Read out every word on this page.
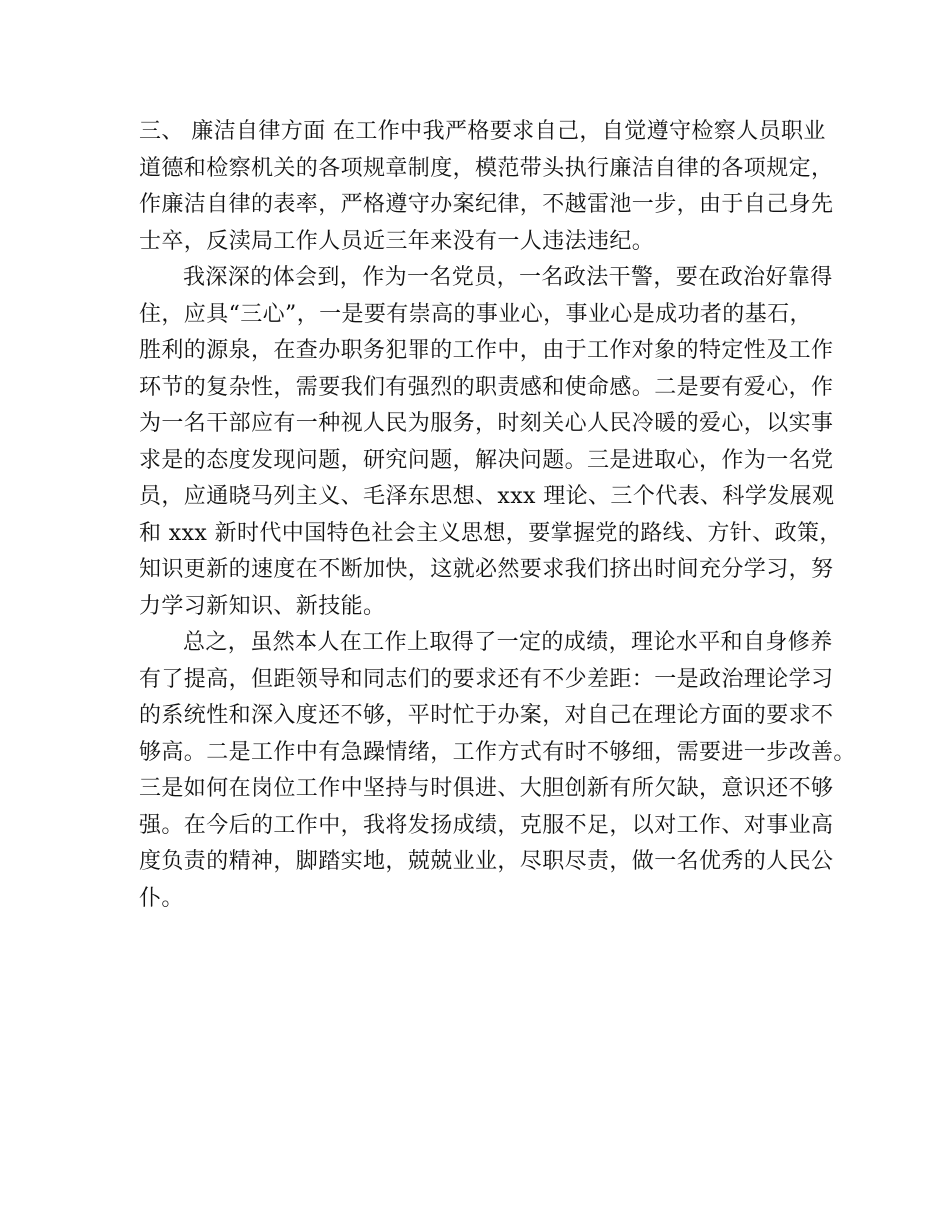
三、 廉洁自律方面 在工作中我严格要求自己，自觉遵守检察人员职业
道德和检察机关的各项规章制度，模范带头执行廉洁自律的各项规定，
作廉洁自律的表率，严格遵守办案纪律，不越雷池一步，由于自己身先
士卒，反渎局工作人员近三年来没有一人违法违纪。
我深深的体会到，作为一名党员，一名政法干警，要在政治好靠得
住，应具“三心”，一是要有崇高的事业心，事业心是成功者的基石，
胜利的源泉，在查办职务犯罪的工作中，由于工作对象的特定性及工作
环节的复杂性，需要我们有强烈的职责感和使命感。二是要有爱心，作
为一名干部应有一种视人民为服务，时刻关心人民冷暖的爱心，以实事
求是的态度发现问题，研究问题，解决问题。三是进取心，作为一名党
员，应通晓马列主义、毛泽东思想、xxx 理论、三个代表、科学发展观
和 xxx 新时代中国特色社会主义思想，要掌握党的路线、方针、政策，
知识更新的速度在不断加快，这就必然要求我们挤出时间充分学习，努
力学习新知识、新技能。
总之，虽然本人在工作上取得了一定的成绩，理论水平和自身修养
有了提高，但距领导和同志们的要求还有不少差距：一是政治理论学习
的系统性和深入度还不够，平时忙于办案，对自己在理论方面的要求不
够高。二是工作中有急躁情绪，工作方式有时不够细，需要进一步改善。
三是如何在岗位工作中坚持与时俱进、大胆创新有所欠缺，意识还不够
强。在今后的工作中，我将发扬成绩，克服不足，以对工作、对事业高
度负责的精神，脚踏实地，兢兢业业，尽职尽责，做一名优秀的人民公
仆。
